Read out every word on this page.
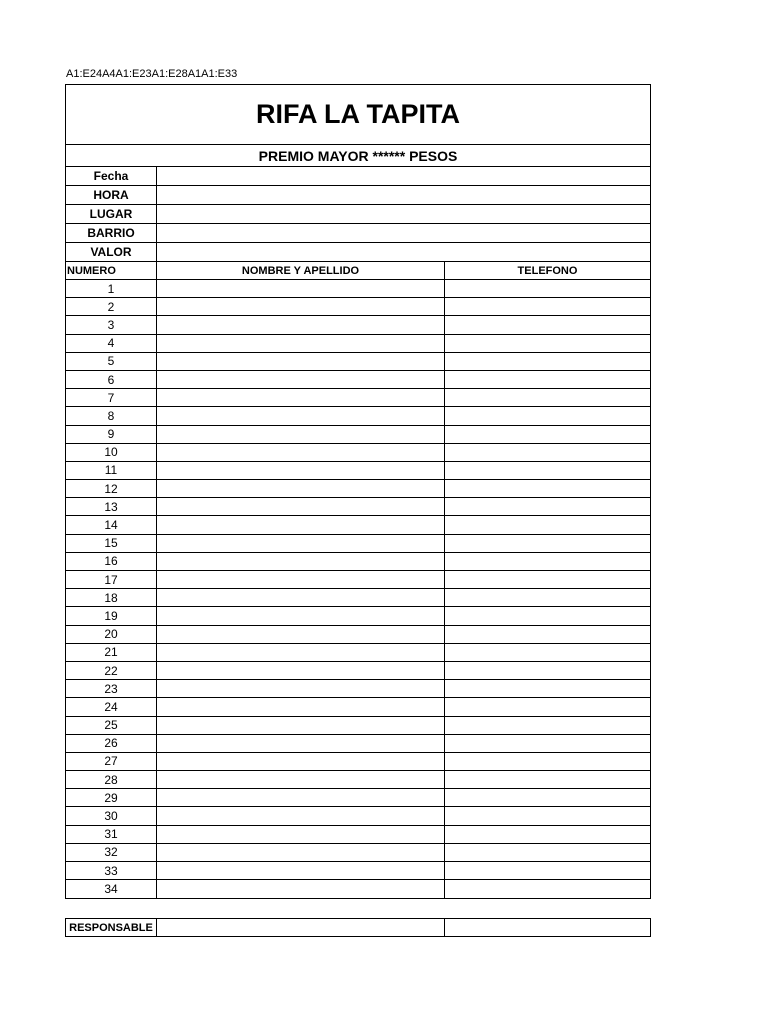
A1:E24A4A1:E23A1:E28A1A1:E33
RIFA LA TAPITA
PREMIO MAYOR ****** PESOS
Fecha
HORA
LUGAR
BARRIO
VALOR
NUMERO	NOMBRE Y APELLIDO	TELEFONO
1
2
3
4
5
6
7
8
9
10
11
12
13
14
15
16
17
18
19
20
21
22
23
24
25
26
27
28
29
30
31
32
33
34
RESPONSABLE
